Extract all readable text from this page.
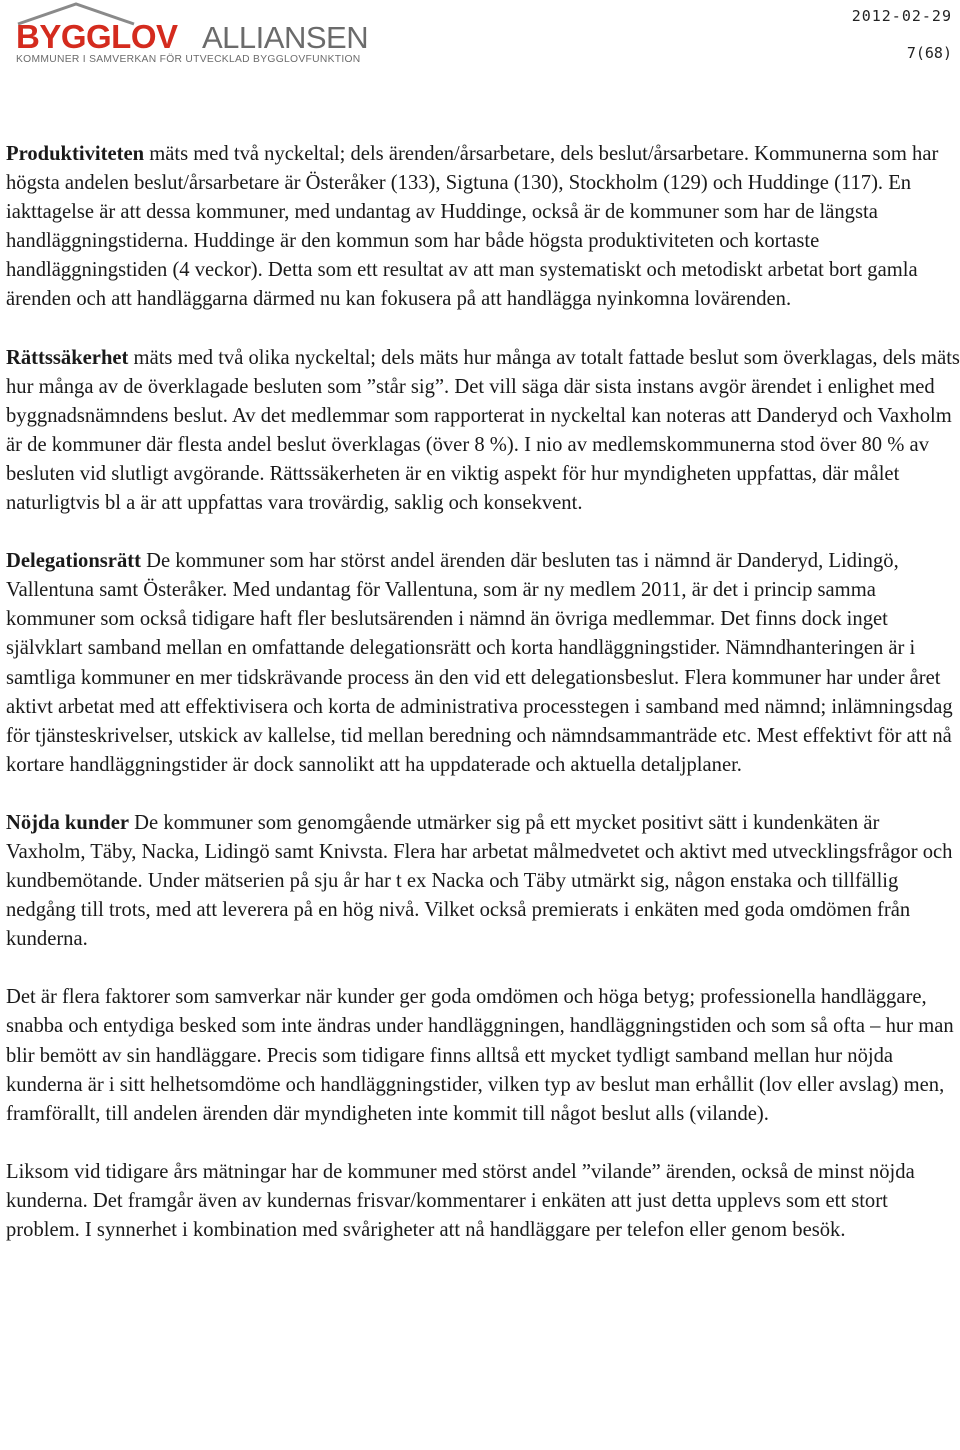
BYGGLOV ALLIANSEN
KOMMUNER I SAMVERKAN FÖR UTVECKLAD BYGGLOVFUNKTION
2012-02-29
7(68)

Produktiviteten mäts med två nyckeltal; dels ärenden/årsarbetare, dels beslut/årsarbetare. Kommunerna som har högsta andelen beslut/årsarbetare är Österåker (133), Sigtuna (130), Stockholm (129) och Huddinge (117). En iakttagelse är att dessa kommuner, med undantag av Huddinge, också är de kommuner som har de längsta handläggningstiderna. Huddinge är den kommun som har både högsta produktiviteten och kortaste handläggningstiden (4 veckor). Detta som ett resultat av att man systematiskt och metodiskt arbetat bort gamla ärenden och att handläggarna därmed nu kan fokusera på att handlägga nyinkomna lovärenden.

Rättssäkerhet mäts med två olika nyckeltal; dels mäts hur många av totalt fattade beslut som överklagas, dels mäts hur många av de överklagade besluten som ”står sig”. Det vill säga där sista instans avgör ärendet i enlighet med byggnadsnämndens beslut. Av det medlemmar som rapporterat in nyckeltal kan noteras att Danderyd och Vaxholm är de kommuner där flesta andel beslut överklagas (över 8 %). I nio av medlemskommunerna stod över 80 % av besluten vid slutligt avgörande. Rättssäkerheten är en viktig aspekt för hur myndigheten uppfattas, där målet naturligtvis bl a är att uppfattas vara trovärdig, saklig och konsekvent.

Delegationsrätt De kommuner som har störst andel ärenden där besluten tas i nämnd är Danderyd, Lidingö, Vallentuna samt Österåker. Med undantag för Vallentuna, som är ny medlem 2011, är det i princip samma kommuner som också tidigare haft fler beslutsärenden i nämnd än övriga medlemmar. Det finns dock inget självklart samband mellan en omfattande delegationsrätt och korta handläggningstider. Nämndhanteringen är i samtliga kommuner en mer tidskrävande process än den vid ett delegationsbeslut. Flera kommuner har under året aktivt arbetat med att effektivisera och korta de administrativa processtegen i samband med nämnd; inlämningsdag för tjänsteskrivelser, utskick av kallelse, tid mellan beredning och nämndsammanträde etc. Mest effektivt för att nå kortare handläggningstider är dock sannolikt att ha uppdaterade och aktuella detaljplaner.

Nöjda kunder De kommuner som genomgående utmärker sig på ett mycket positivt sätt i kundenkäten är Vaxholm, Täby, Nacka, Lidingö samt Knivsta. Flera har arbetat målmedvetet och aktivt med utvecklingsfrågor och kundbemötande. Under mätserien på sju år har t ex Nacka och Täby utmärkt sig, någon enstaka och tillfällig nedgång till trots, med att leverera på en hög nivå. Vilket också premierats i enkäten med goda omdömen från kunderna.

Det är flera faktorer som samverkar när kunder ger goda omdömen och höga betyg; professionella handläggare, snabba och entydiga besked som inte ändras under handläggningen, handläggningstiden och som så ofta – hur man blir bemött av sin handläggare. Precis som tidigare finns alltså ett mycket tydligt samband mellan hur nöjda kunderna är i sitt helhetsomdöme och handläggningstider, vilken typ av beslut man erhållit (lov eller avslag) men, framförallt, till andelen ärenden där myndigheten inte kommit till något beslut alls (vilande).

Liksom vid tidigare års mätningar har de kommuner med störst andel ”vilande” ärenden, också de minst nöjda kunderna. Det framgår även av kundernas frisvar/kommentarer i enkäten att just detta upplevs som ett stort problem. I synnerhet i kombination med svårigheter att nå handläggare per telefon eller genom besök.
